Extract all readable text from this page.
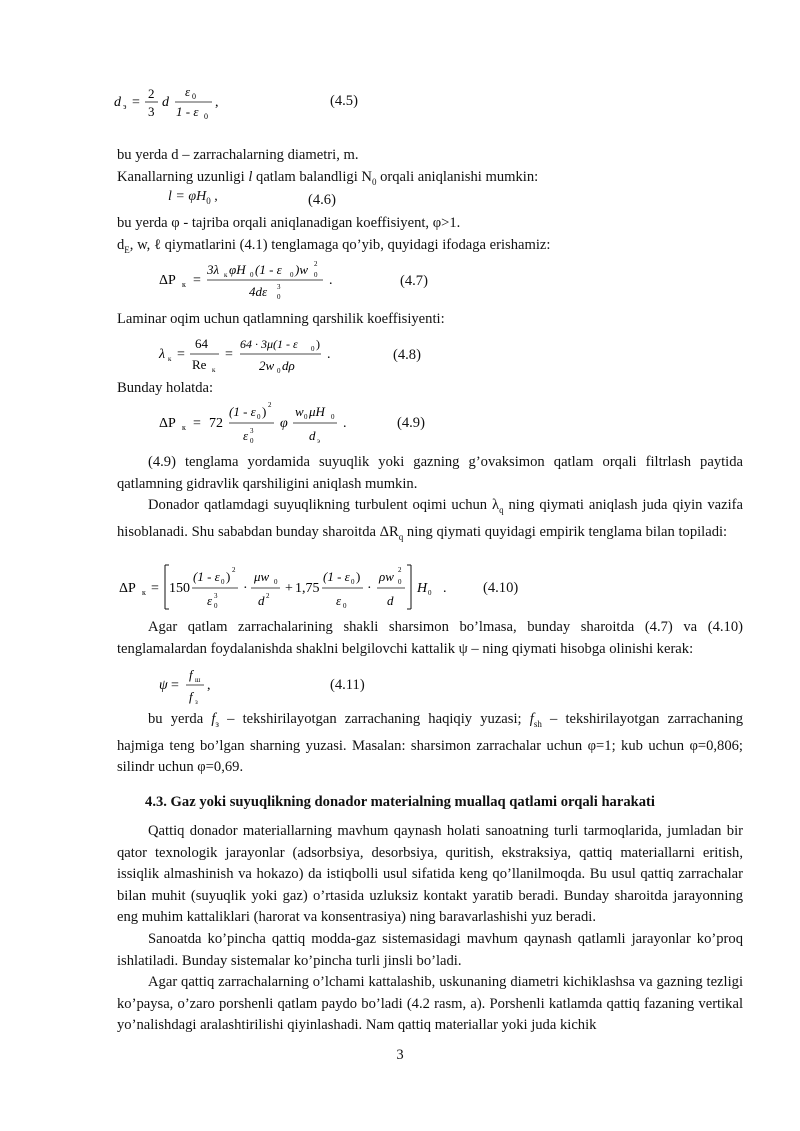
d э =
2
3
d
ε 0
1 - ε 0
,	(4.5)
bu yerda d – zarrachalarning diametri, m.
Kanallarning uzunligi l qatlam balandligi $N_0$ orqali aniqlanishi mumkin:
$l = \varphi H_0$ ,	(4.6)
bu yerda φ - tajriba orqali aniqlanadigan koeffisiyent, φ>1.
$d_E$, w, ℓ qiymatlarini (4.1) tenglamaga qo’yib, quyidagi ifodaga erishamiz:
ΔP к =
3λ к φH 0 (1 - ε 0 )w 0
2
4dε 0
3	.	(4.7)
Laminar oqim uchun qatlamning qarshilik koeffisiyenti:
λ к =
64
Re к
=
64 · 3μ(1 - ε 0 )
2w 0 dρ
.	(4.8)
Bunday holatda:
ΔP к = 72
(1 - ε 0 ) 2
ε 0
3 φ
w 0 μH 0
d э
.	(4.9)
(4.9) tenglama yordamida suyuqlik yoki gazning g’ovaksimon qatlam orqali filtrlash paytida qatlamning gidravlik qarshiligini aniqlash mumkin.
Donador qatlamdagi suyuqlikning turbulent oqimi uchun $\lambda_q$ ning qiymati aniqlash juda qiyin vazifa hisoblanadi. Shu sababdan bunday sharoitda $\Delta R_q$ ning qiymati quyidagi empirik tenglama bilan topiladi:
ΔP к = 150
(1 - ε 0 ) 2
ε 0
3 ·
μw 0
d 2 + 1,75
(1 - ε 0 )
ε 0
·
ρw 0
2
d
H 0 .	(4.10)
Agar qatlam zarrachalarining shakli sharsimon bo’lmasa, bunday sharoitda (4.7) va (4.10) tenglamalardan foydalanishda shaklni belgilovchi kattalik ψ – ning qiymati hisobga olinishi kerak:
ψ =
f ш
f з
,	(4.11)
bu yerda $f_з$ – tekshirilayotgan zarrachaning haqiqiy yuzasi; $f_{sh}$ – tekshirilayotgan zarrachaning hajmiga teng bo’lgan sharning yuzasi. Masalan: sharsimon zarrachalar uchun φ=1; kub uchun φ=0,806; silindr uchun φ=0,69.
4.3. Gaz yoki suyuqlikning donador materialning muallaq qatlami orqali harakati
Qattiq donador materiallarning mavhum qaynash holati sanoatning turli tarmoqlarida, jumladan bir qator texnologik jarayonlar (adsorbsiya, desorbsiya, quritish, ekstraksiya, qattiq materiallarni eritish, issiqlik almashinish va hokazo) da istiqbolli usul sifatida keng qo’llanilmoqda. Bu usul qattiq zarrachalar bilan muhit (suyuqlik yoki gaz) o’rtasida uzluksiz kontakt yaratib beradi. Bunday sharoitda jarayonning eng muhim kattaliklari (harorat va konsentrasiya) ning baravarlashishi yuz beradi.
Sanoatda ko’pincha qattiq modda-gaz sistemasidagi mavhum qaynash qatlamli jarayonlar ko’proq ishlatiladi. Bunday sistemalar ko’pincha turli jinsli bo’ladi.
Agar qattiq zarrachalarning o’lchami kattalashib, uskunaning diametri kichiklashsa va gazning tezligi ko’paysa, o’zaro porshenli qatlam paydo bo’ladi (4.2 rasm, a). Porshenli katlamda qattiq fazaning vertikal yo’nalishdagi aralashtirilishi qiyinlashadi. Nam qattiq materiallar yoki juda kichik
3
